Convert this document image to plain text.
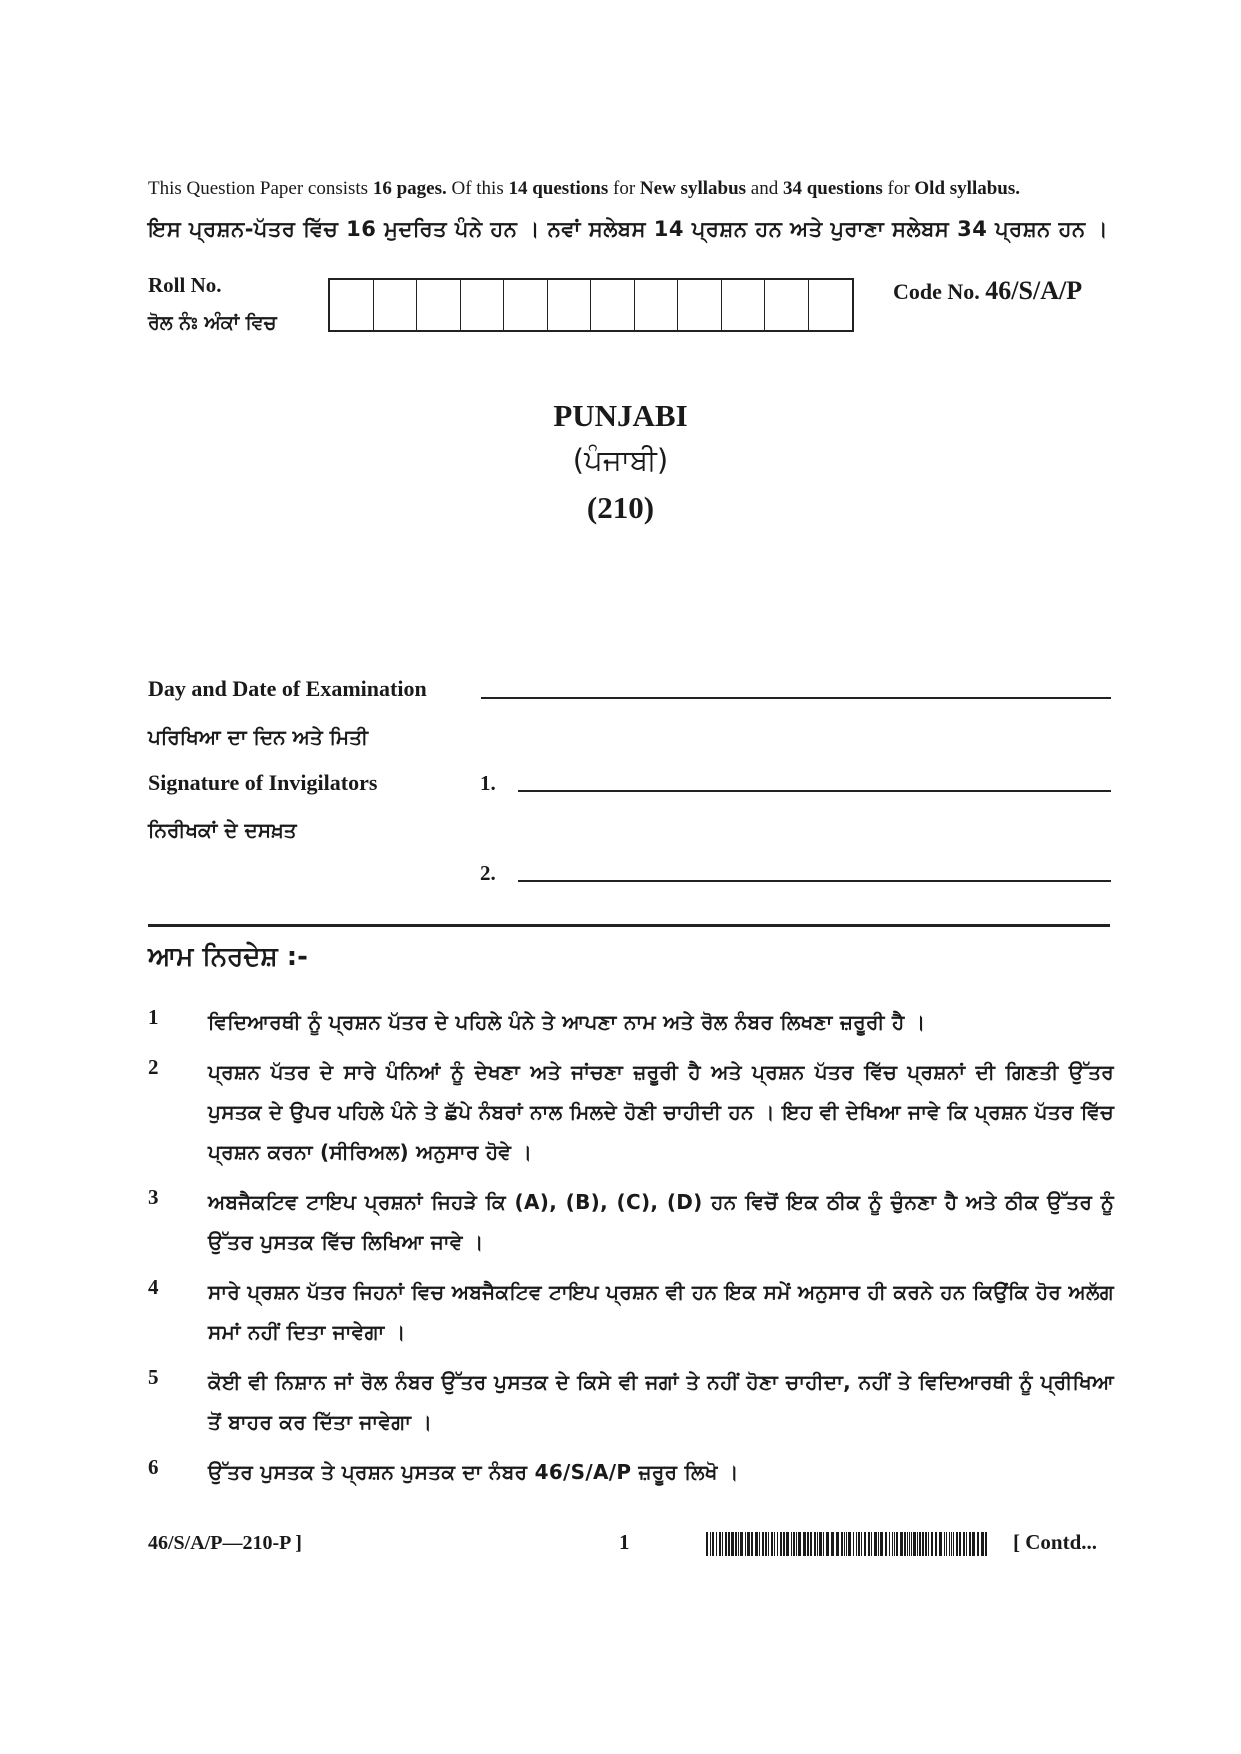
This Question Paper consists 16 pages. Of this 14 questions for New syllabus and 34 questions for Old syllabus.
ਇਸ ਪ੍ਰਸ਼ਨ-ਪੱਤਰ ਵਿੱਚ 16 ਮੁਦਰਿਤ ਪੰਨੇ ਹਨ । ਨਵਾਂ ਸਲੇਬਸ 14 ਪ੍ਰਸ਼ਨ ਹਨ ਅਤੇ ਪੁਰਾਣਾ ਸਲੇਬਸ 34 ਪ੍ਰਸ਼ਨ ਹਨ ।
Roll No.
ਰੋਲ ਨੰਃ ਅੰਕਾਂ ਵਿਚ
Code No. 46/S/A/P
PUNJABI
(ਪੰਜਾਬੀ)
(210)
Day and Date of Examination
ਪਰਿਖਿਆ ਦਾ ਦਿਨ ਅਤੇ ਮਿਤੀ
Signature of Invigilators	1.
ਨਿਰੀਖਕਾਂ ਦੇ ਦਸਖ਼ਤ
2.
ਆਮ ਨਿਰਦੇਸ਼ :-
1	ਵਿਦਿਆਰਥੀ ਨੂੰ ਪ੍ਰਸ਼ਨ ਪੱਤਰ ਦੇ ਪਹਿਲੇ ਪੰਨੇ ਤੇ ਆਪਣਾ ਨਾਮ ਅਤੇ ਰੋਲ ਨੰਬਰ ਲਿਖਣਾ ਜ਼ਰੂਰੀ ਹੈ ।
2	ਪ੍ਰਸ਼ਨ ਪੱਤਰ ਦੇ ਸਾਰੇ ਪੰਨਿਆਂ ਨੂੰ ਦੇਖਣਾ ਅਤੇ ਜਾਂਚਣਾ ਜ਼ਰੂਰੀ ਹੈ ਅਤੇ ਪ੍ਰਸ਼ਨ ਪੱਤਰ ਵਿੱਚ ਪ੍ਰਸ਼ਨਾਂ ਦੀ ਗਿਣਤੀ ਉੱਤਰ ਪੁਸਤਕ ਦੇ ਉਪਰ ਪਹਿਲੇ ਪੰਨੇ ਤੇ ਛੱਪੇ ਨੰਬਰਾਂ ਨਾਲ ਮਿਲਦੇ ਹੋਣੀ ਚਾਹੀਦੀ ਹਨ । ਇਹ ਵੀ ਦੇਖਿਆ ਜਾਵੇ ਕਿ ਪ੍ਰਸ਼ਨ ਪੱਤਰ ਵਿੱਚ ਪ੍ਰਸ਼ਨ ਕਰਨਾ (ਸੀਰਿਅਲ) ਅਨੁਸਾਰ ਹੋਵੇ ।
3	ਅਬਜੈਕਟਿਵ ਟਾਇਪ ਪ੍ਰਸ਼ਨਾਂ ਜਿਹੜੇ ਕਿ (A), (B), (C), (D) ਹਨ ਵਿਚੋਂ ਇਕ ਠੀਕ ਨੂੰ ਚੁੰਨਣਾ ਹੈ ਅਤੇ ਠੀਕ ਉੱਤਰ ਨੂੰ ਉੱਤਰ ਪੁਸਤਕ ਵਿੱਚ ਲਿਖਿਆ ਜਾਵੇ ।
4	ਸਾਰੇ ਪ੍ਰਸ਼ਨ ਪੱਤਰ ਜਿਹਨਾਂ ਵਿਚ ਅਬਜੈਕਟਿਵ ਟਾਇਪ ਪ੍ਰਸ਼ਨ ਵੀ ਹਨ ਇਕ ਸਮੇਂ ਅਨੁਸਾਰ ਹੀ ਕਰਨੇ ਹਨ ਕਿਉਂਕਿ ਹੋਰ ਅਲੱਗ ਸਮਾਂ ਨਹੀਂ ਦਿਤਾ ਜਾਵੇਗਾ ।
5	ਕੋਈ ਵੀ ਨਿਸ਼ਾਨ ਜਾਂ ਰੋਲ ਨੰਬਰ ਉੱਤਰ ਪੁਸਤਕ ਦੇ ਕਿਸੇ ਵੀ ਜਗਾਂ ਤੇ ਨਹੀਂ ਹੋਣਾ ਚਾਹੀਦਾ, ਨਹੀਂ ਤੇ ਵਿਦਿਆਰਥੀ ਨੂੰ ਪ੍ਰੀਖਿਆ ਤੋਂ ਬਾਹਰ ਕਰ ਦਿੱਤਾ ਜਾਵੇਗਾ ।
6	ਉੱਤਰ ਪੁਸਤਕ ਤੇ ਪ੍ਰਸ਼ਨ ਪੁਸਤਕ ਦਾ ਨੰਬਰ 46/S/A/P ਜ਼ਰੂਰ ਲਿਖੋ ।
46/S/A/P—210-P ]	1	[ Contd...
